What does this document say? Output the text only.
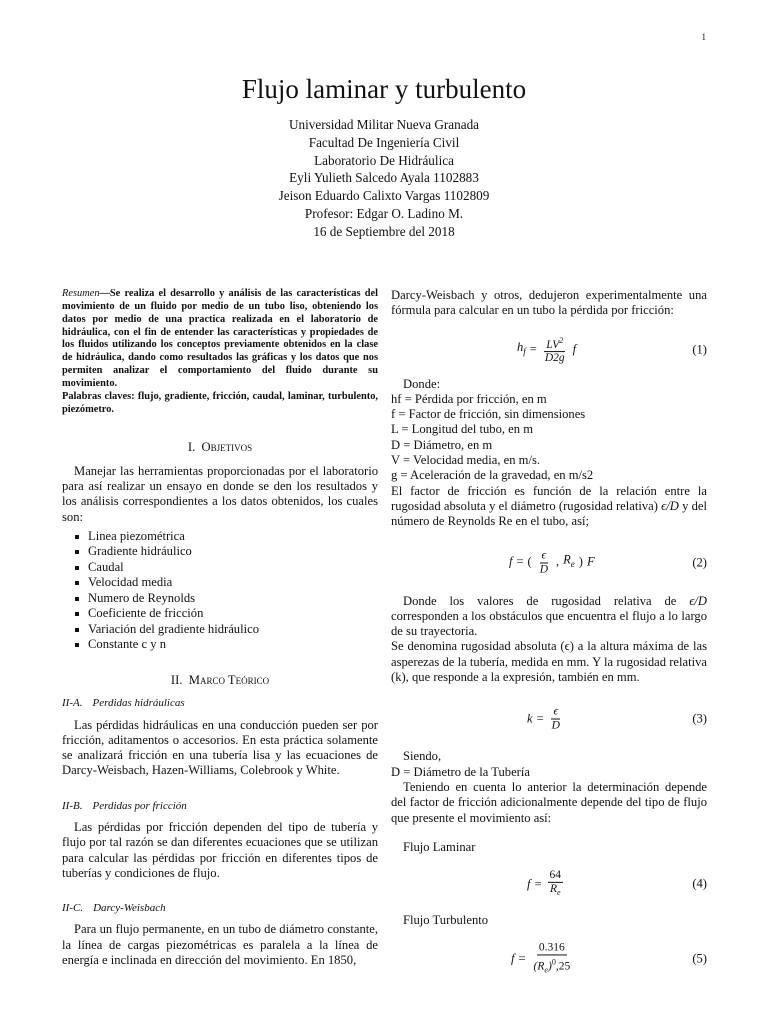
1
Flujo laminar y turbulento
Universidad Militar Nueva Granada
Facultad De Ingeniería Civil
Laboratorio De Hidráulica
Eyli Yulieth Salcedo Ayala 1102883
Jeison Eduardo Calixto Vargas 1102809
Profesor: Edgar O. Ladino M.
16 de Septiembre del 2018
Resumen—Se realiza el desarrollo y análisis de las características del movimiento de un fluido por medio de un tubo liso, obteniendo los datos por medio de una practica realizada en el laboratorio de hidráulica, con el fin de entender las características y propiedades de los fluidos utilizando los conceptos previamente obtenidos en la clase de hidráulica, dando como resultados las gráficas y los datos que nos permiten analizar el comportamiento del fluido durante su movimiento.
Palabras claves: flujo, gradiente, fricción, caudal, laminar, turbulento, piezómetro.
I. Objetivos

Manejar las herramientas proporcionadas por el laboratorio para así realizar un ensayo en donde se den los resultados y los análisis correspondientes a los datos obtenidos, los cuales son:

Linea piezométrica
Gradiente hidráulico
Caudal
Velocidad media
Numero de Reynolds
Coeficiente de fricción
Variación del gradiente hidráulico
Constante c y n
II. Marco Teórico
II-A. Perdidas hidráulicas

Las pérdidas hidráulicas en una conducción pueden ser por fricción, aditamentos o accesorios. En esta práctica solamente se analizará fricción en una tubería lisa y las ecuaciones de Darcy-Weisbach, Hazen-Williams, Colebrook y White.

II-B. Perdidas por fricción

Las pérdidas por fricción dependen del tipo de tubería y flujo por tal razón se dan diferentes ecuaciones que se utilizan para calcular las pérdidas por fricción en diferentes tipos de tuberías y condiciones de flujo.

II-C. Darcy-Weisbach

Para un flujo permanente, en un tubo de diámetro constante, la línea de cargas piezométricas es paralela a la línea de energía e inclinada en dirección del movimiento. En 1850,

Darcy-Weisbach y otros, dedujeron experimentalmente una fórmula para calcular en un tubo la pérdida por fricción:

$h_f = \frac{LV^2}{D2g}$ f	(1)

Donde:

hf = Pérdida por fricción, en m

f = Factor de fricción, sin dimensiones

L = Longitud del tubo, en m

D = Diámetro, en m

V = Velocidad media, en m/s.

g = Aceleración de la gravedad, en m/s2

El factor de fricción es función de la relación entre la rugosidad absoluta y el diámetro (rugosidad relativa) ϵ/D y del número de Reynolds Re en el tubo, así;

f = ( $\frac{\epsilon}{D}$ , $R_e$ ) F	(2)

Donde los valores de rugosidad relativa de ϵ/D corresponden a los obstáculos que encuentra el flujo a lo largo de su trayectoria.

Se denomina rugosidad absoluta (ϵ) a la altura máxima de las asperezas de la tubería, medida en mm. Y la rugosidad relativa (k), que responde a la expresión, también en mm.

$k = \frac{\epsilon}{D}$	(3)

Siendo,

D = Diámetro de la Tubería

Teniendo en cuenta lo anterior la determinación depende del factor de fricción adicionalmente depende del tipo de flujo que presente el movimiento así:

Flujo Laminar

$f = \frac{64}{R_e}$	(4)

Flujo Turbulento

$f = \frac{0.316}{(R_e)^0,25}$	(5)
